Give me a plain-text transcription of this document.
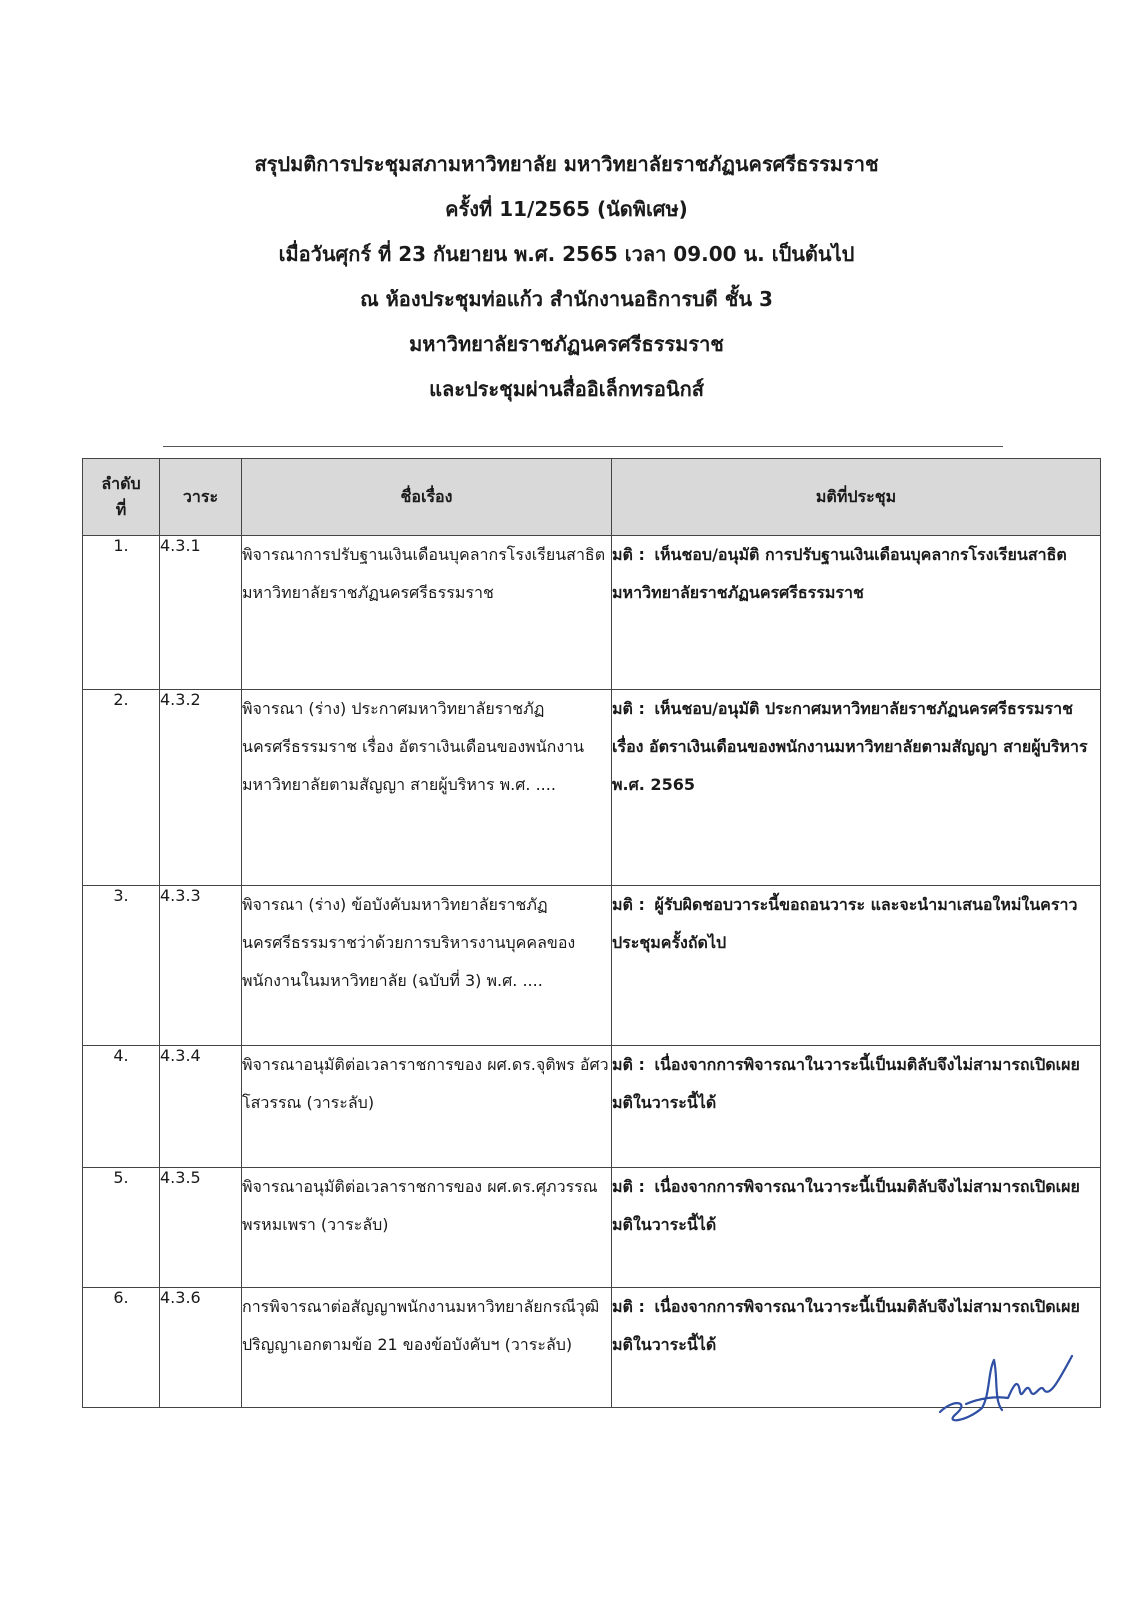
สรุปมติการประชุมสภามหาวิทยาลัย มหาวิทยาลัยราชภัฏนครศรีธรรมราช
ครั้งที่ 11/2565 (นัดพิเศษ)
เมื่อวันศุกร์ ที่ 23 กันยายน พ.ศ. 2565 เวลา 09.00 น. เป็นต้นไป
ณ ห้องประชุมท่อแก้ว สำนักงานอธิการบดี ชั้น 3
มหาวิทยาลัยราชภัฏนครศรีธรรมราช
และประชุมผ่านสื่ออิเล็กทรอนิกส์
ลำดับ
ที่	วาระ	ชื่อเรื่อง	มติที่ประชุม
1.	4.3.1	พิจารณาการปรับฐานเงินเดือนบุคลากรโรงเรียนสาธิตมหาวิทยาลัยราชภัฏนครศรีธรรมราช	มติ : เห็นชอบ/อนุมัติ การปรับฐานเงินเดือนบุคลากรโรงเรียนสาธิตมหาวิทยาลัยราชภัฏนครศรีธรรมราช
2.	4.3.2	พิจารณา (ร่าง) ประกาศมหาวิทยาลัยราชภัฏนครศรีธรรมราช เรื่อง อัตราเงินเดือนของพนักงานมหาวิทยาลัยตามสัญญา สายผู้บริหาร พ.ศ. ....	มติ : เห็นชอบ/อนุมัติ ประกาศมหาวิทยาลัยราชภัฏนครศรีธรรมราช เรื่อง อัตราเงินเดือนของพนักงานมหาวิทยาลัยตามสัญญา สายผู้บริหาร พ.ศ. 2565
3.	4.3.3	พิจารณา (ร่าง) ข้อบังคับมหาวิทยาลัยราชภัฏนครศรีธรรมราชว่าด้วยการบริหารงานบุคคลของพนักงานในมหาวิทยาลัย (ฉบับที่ 3) พ.ศ. ....	มติ : ผู้รับผิดชอบวาระนี้ขอถอนวาระ และจะนำมาเสนอใหม่ในคราวประชุมครั้งถัดไป
4.	4.3.4	พิจารณาอนุมัติต่อเวลาราชการของ ผศ.ดร.จุติพร อัศวโสวรรณ (วาระลับ)	มติ : เนื่องจากการพิจารณาในวาระนี้เป็นมติลับจึงไม่สามารถเปิดเผยมติในวาระนี้ได้
5.	4.3.5	พิจารณาอนุมัติต่อเวลาราชการของ ผศ.ดร.ศุภวรรณ พรหมเพรา (วาระลับ)	มติ : เนื่องจากการพิจารณาในวาระนี้เป็นมติลับจึงไม่สามารถเปิดเผยมติในวาระนี้ได้
6.	4.3.6	การพิจารณาต่อสัญญาพนักงานมหาวิทยาลัยกรณีวุฒิปริญญาเอกตามข้อ 21 ของข้อบังคับฯ (วาระลับ)	มติ : เนื่องจากการพิจารณาในวาระนี้เป็นมติลับจึงไม่สามารถเปิดเผยมติในวาระนี้ได้
